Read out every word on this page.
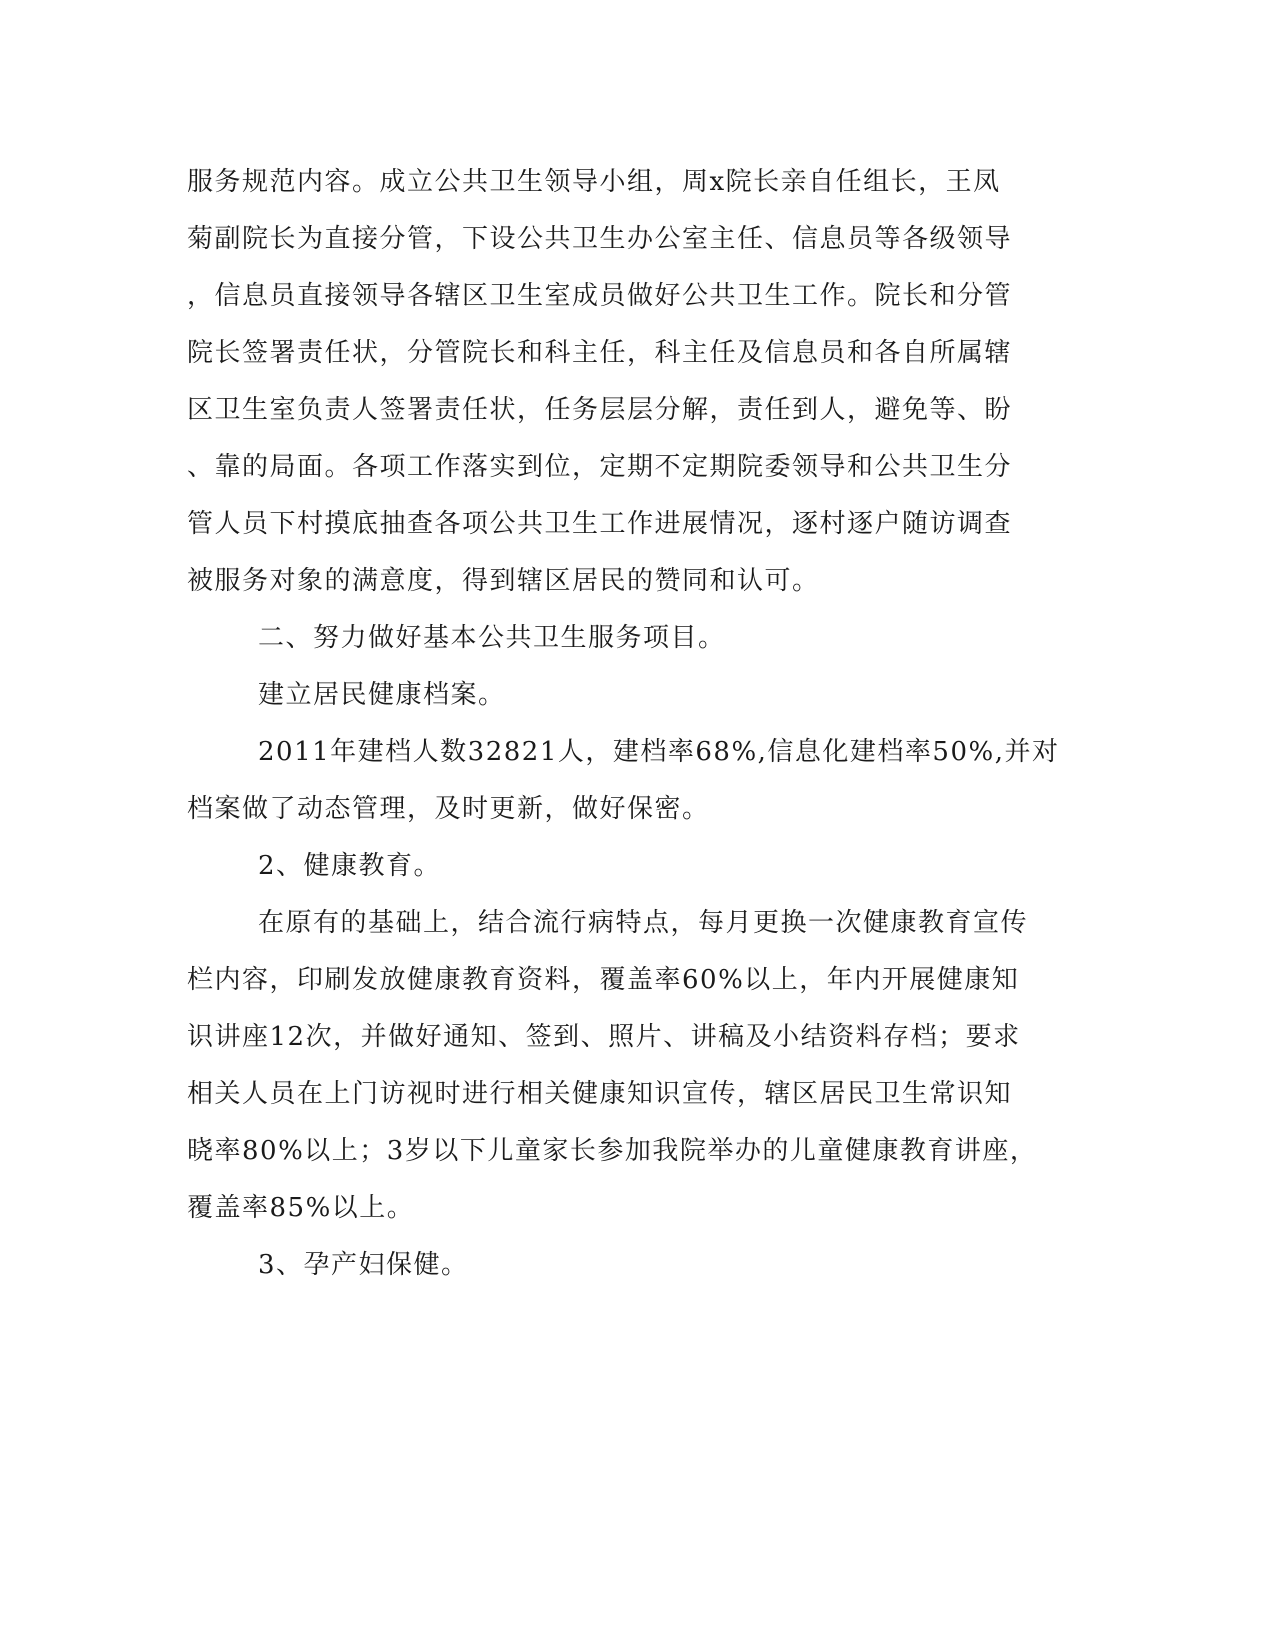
服务规范内容。成立公共卫生领导小组，周x院长亲自任组长，王凤
菊副院长为直接分管，下设公共卫生办公室主任、信息员等各级领导
，信息员直接领导各辖区卫生室成员做好公共卫生工作。院长和分管
院长签署责任状，分管院长和科主任，科主任及信息员和各自所属辖
区卫生室负责人签署责任状，任务层层分解，责任到人，避免等、盼
、靠的局面。各项工作落实到位，定期不定期院委领导和公共卫生分
管人员下村摸底抽查各项公共卫生工作进展情况，逐村逐户随访调查
被服务对象的满意度，得到辖区居民的赞同和认可。
二、努力做好基本公共卫生服务项目。
建立居民健康档案。
2011年建档人数32821人，建档率68%,信息化建档率50%,并对
档案做了动态管理，及时更新，做好保密。
2、健康教育。
在原有的基础上，结合流行病特点，每月更换一次健康教育宣传
栏内容，印刷发放健康教育资料，覆盖率60%以上，年内开展健康知
识讲座12次，并做好通知、签到、照片、讲稿及小结资料存档；要求
相关人员在上门访视时进行相关健康知识宣传，辖区居民卫生常识知
晓率80%以上；3岁以下儿童家长参加我院举办的儿童健康教育讲座，
覆盖率85%以上。
3、孕产妇保健。
